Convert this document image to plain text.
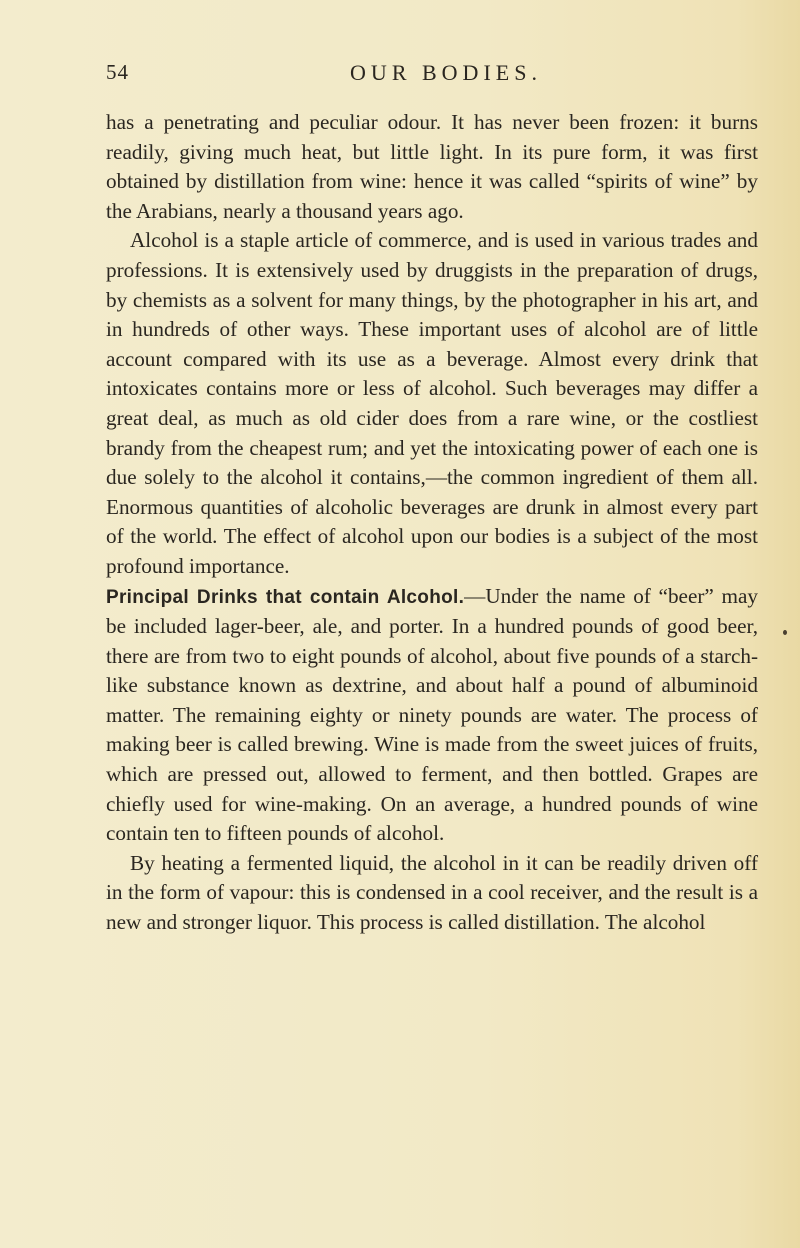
54	OUR BODIES.

has a penetrating and peculiar odour. It has never been frozen: it burns readily, giving much heat, but little light. In its pure form, it was first obtained by distillation from wine: hence it was called “spirits of wine” by the Arabians, nearly a thousand years ago.

Alcohol is a staple article of commerce, and is used in various trades and professions. It is extensively used by druggists in the preparation of drugs, by chemists as a solvent for many things, by the photographer in his art, and in hundreds of other ways. These important uses of alcohol are of little account compared with its use as a beverage. Almost every drink that intoxicates contains more or less of alcohol. Such beverages may differ a great deal, as much as old cider does from a rare wine, or the costliest brandy from the cheapest rum; and yet the intoxicating power of each one is due solely to the alcohol it contains,—the common ingredient of them all. Enormous quantities of alcoholic beverages are drunk in almost every part of the world. The effect of alcohol upon our bodies is a subject of the most profound importance.

Principal Drinks that contain Alcohol.—Under the name of “beer” may be included lager-beer, ale, and porter. In a hundred pounds of good beer, there are from two to eight pounds of alcohol, about five pounds of a starch-like substance known as dextrine, and about half a pound of albuminoid matter. The remaining eighty or ninety pounds are water. The process of making beer is called brewing. Wine is made from the sweet juices of fruits, which are pressed out, allowed to ferment, and then bottled. Grapes are chiefly used for wine-making. On an average, a hundred pounds of wine contain ten to fifteen pounds of alcohol.

By heating a fermented liquid, the alcohol in it can be readily driven off in the form of vapour: this is condensed in a cool receiver, and the result is a new and stronger liquor. This process is called distillation. The alcohol
